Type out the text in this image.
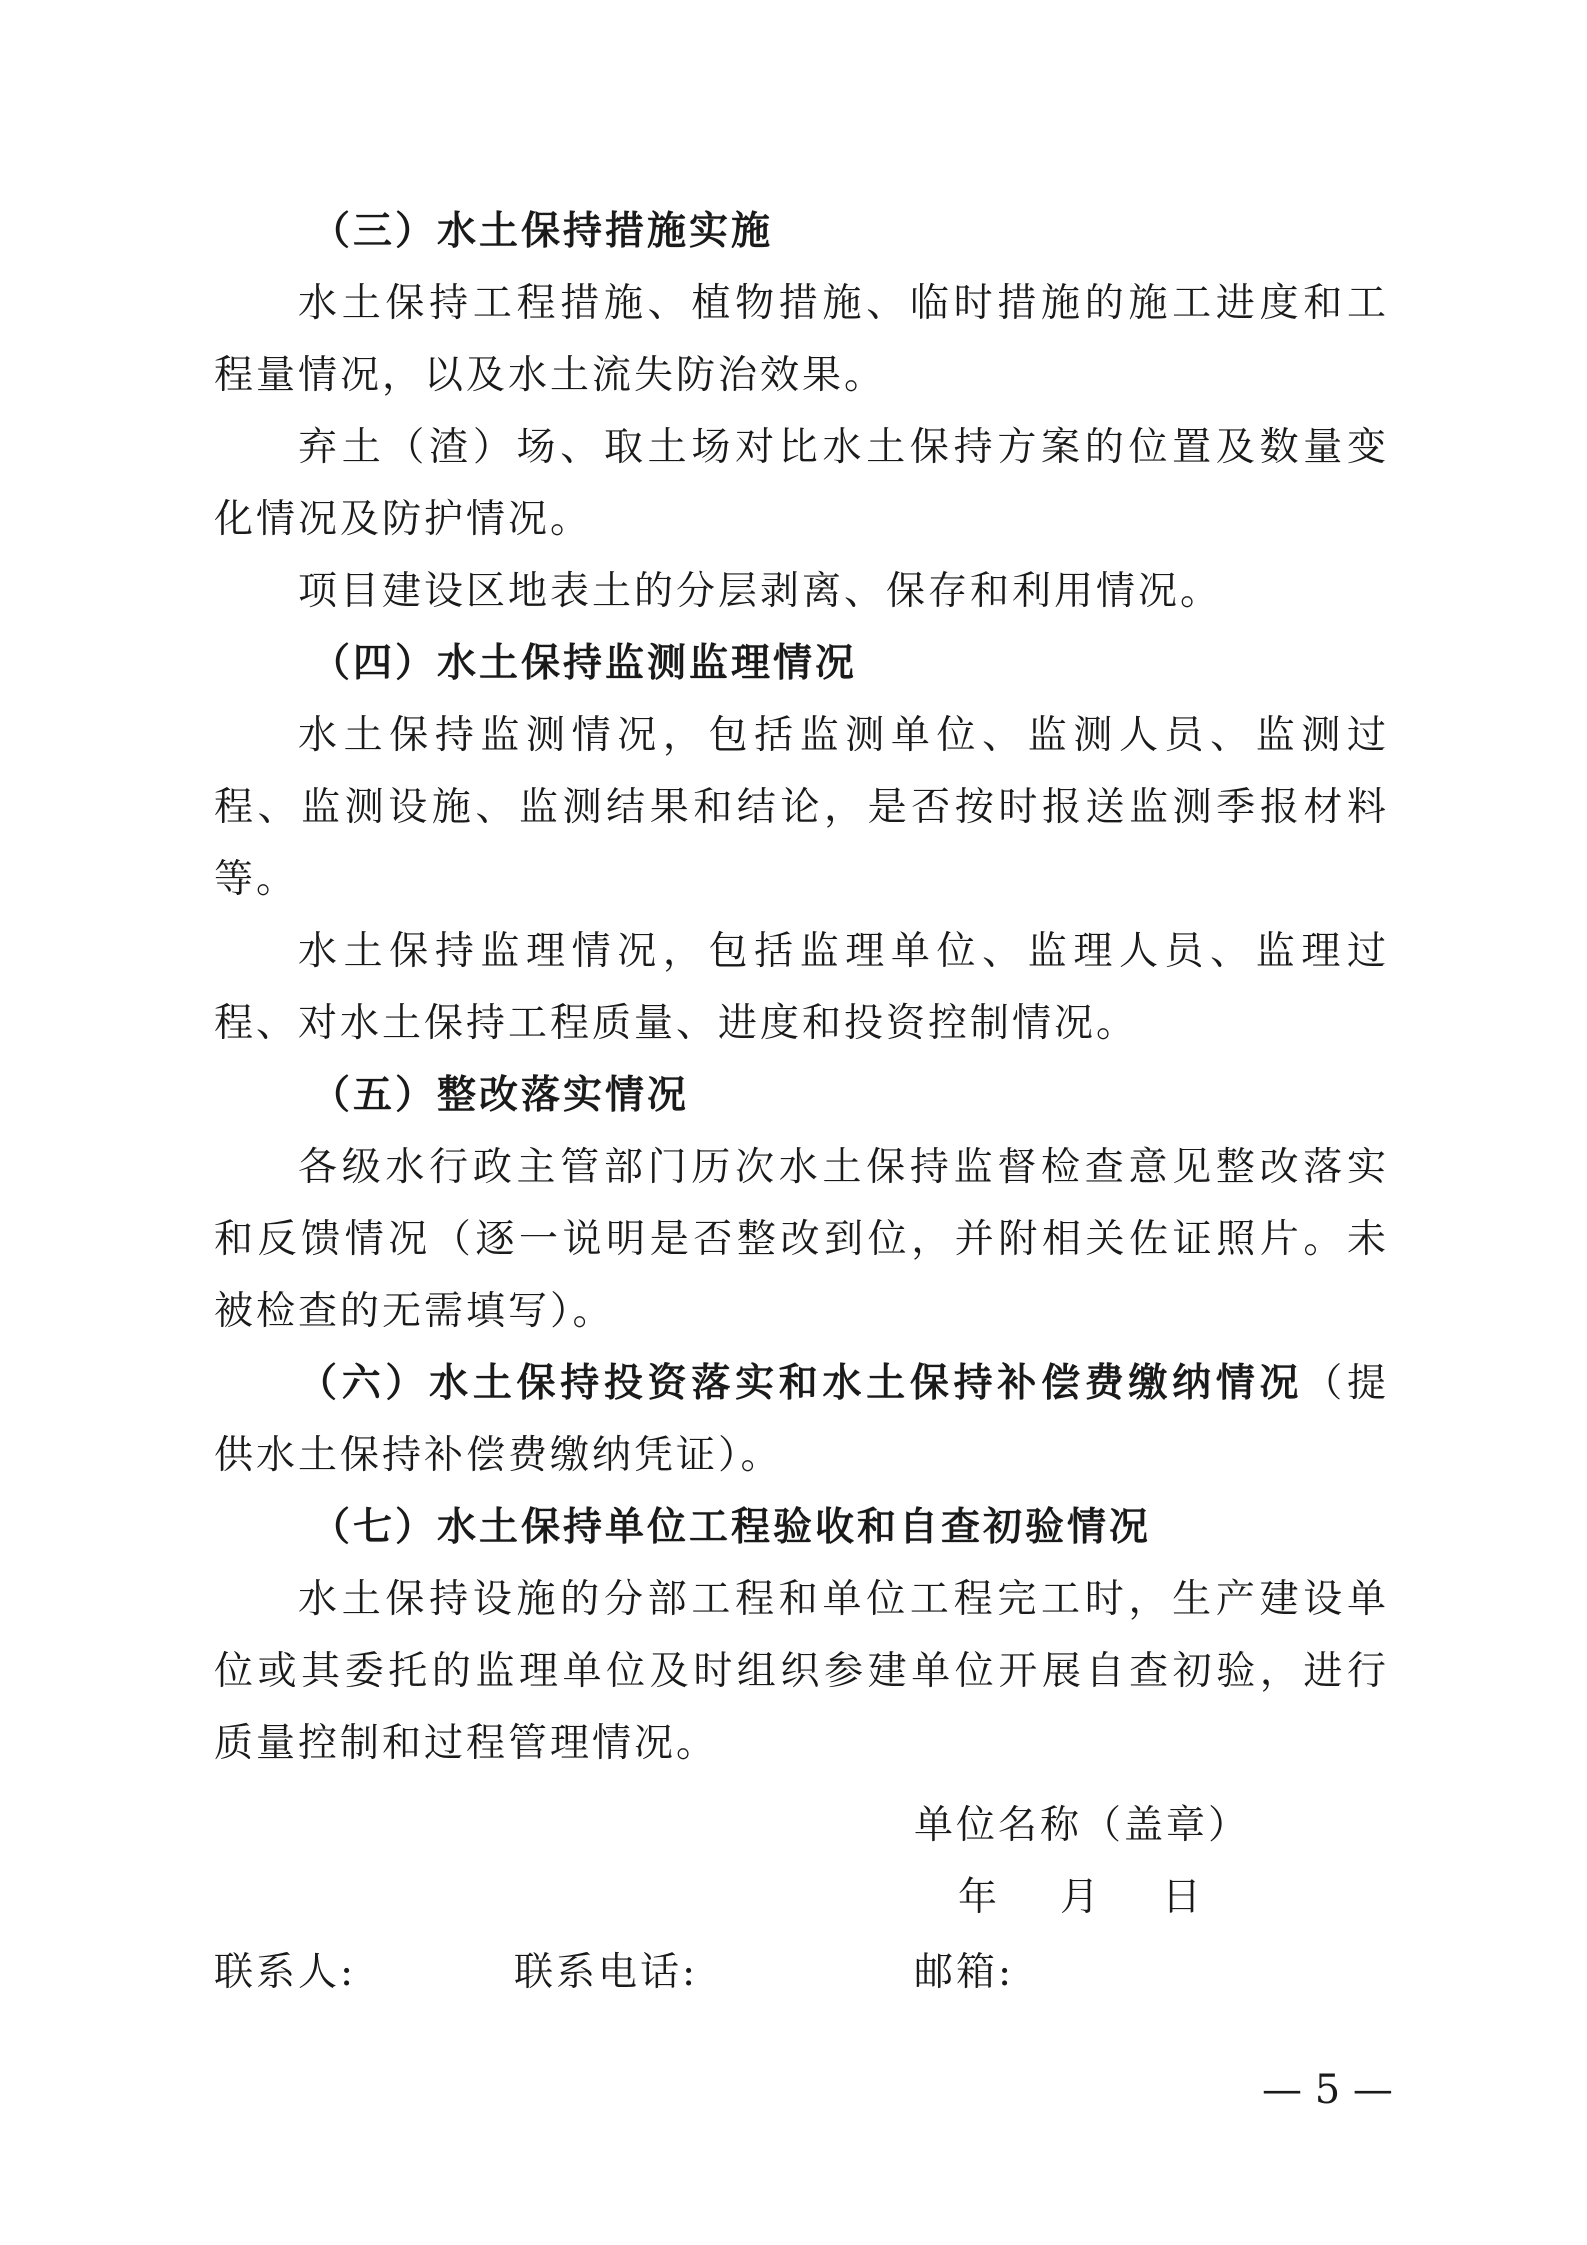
（三）水土保持措施实施

水土保持工程措施、植物措施、临时措施的施工进度和工程量情况，以及水土流失防治效果。

弃土（渣）场、取土场对比水土保持方案的位置及数量变化情况及防护情况。

项目建设区地表土的分层剥离、保存和利用情况。

（四）水土保持监测监理情况

水土保持监测情况，包括监测单位、监测人员、监测过程、监测设施、监测结果和结论，是否按时报送监测季报材料等。

水土保持监理情况，包括监理单位、监理人员、监理过程、对水土保持工程质量、进度和投资控制情况。

（五）整改落实情况

各级水行政主管部门历次水土保持监督检查意见整改落实和反馈情况（逐一说明是否整改到位，并附相关佐证照片。未被检查的无需填写）。

（六）水土保持投资落实和水土保持补偿费缴纳情况（提供水土保持补偿费缴纳凭证）。

（七）水土保持单位工程验收和自查初验情况

水土保持设施的分部工程和单位工程完工时，生产建设单位或其委托的监理单位及时组织参建单位开展自查初验，进行质量控制和过程管理情况。

单位名称（盖章）
年 月 日
联系人:	联系电话:	邮箱:
— 5 —
